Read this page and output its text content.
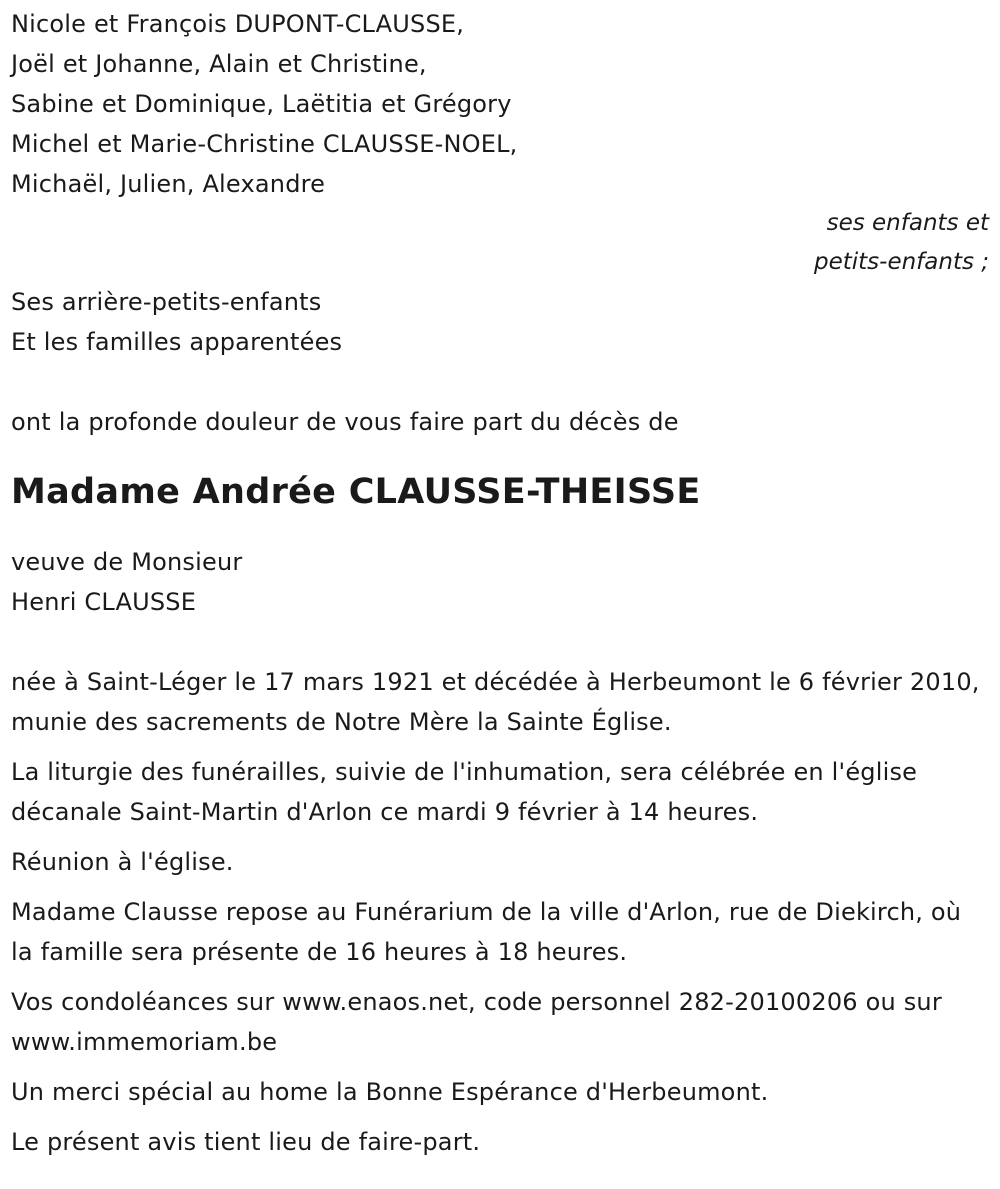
Nicole et François DUPONT-CLAUSSE,
Joël et Johanne, Alain et Christine,
Sabine et Dominique, Laëtitia et Grégory
Michel et Marie-Christine CLAUSSE-NOEL,
Michaël, Julien, Alexandre
ses enfants et
petits-enfants ;
Ses arrière-petits-enfants
Et les familles apparentées
ont la profonde douleur de vous faire part du décès de
Madame Andrée CLAUSSE-THEISSE
veuve de Monsieur
Henri CLAUSSE

née à Saint-Léger le 17 mars 1921 et décédée à Herbeumont le 6 février 2010, munie des sacrements de Notre Mère la Sainte Église.

La liturgie des funérailles, suivie de l'inhumation, sera célébrée en l'église décanale Saint-Martin d'Arlon ce mardi 9 février à 14 heures.

Réunion à l'église.

Madame Clausse repose au Funérarium de la ville d'Arlon, rue de Diekirch, où la famille sera présente de 16 heures à 18 heures.

Vos condoléances sur www.enaos.net, code personnel 282-20100206 ou sur www.immemoriam.be

Un merci spécial au home la Bonne Espérance d'Herbeumont.

Le présent avis tient lieu de faire-part.
